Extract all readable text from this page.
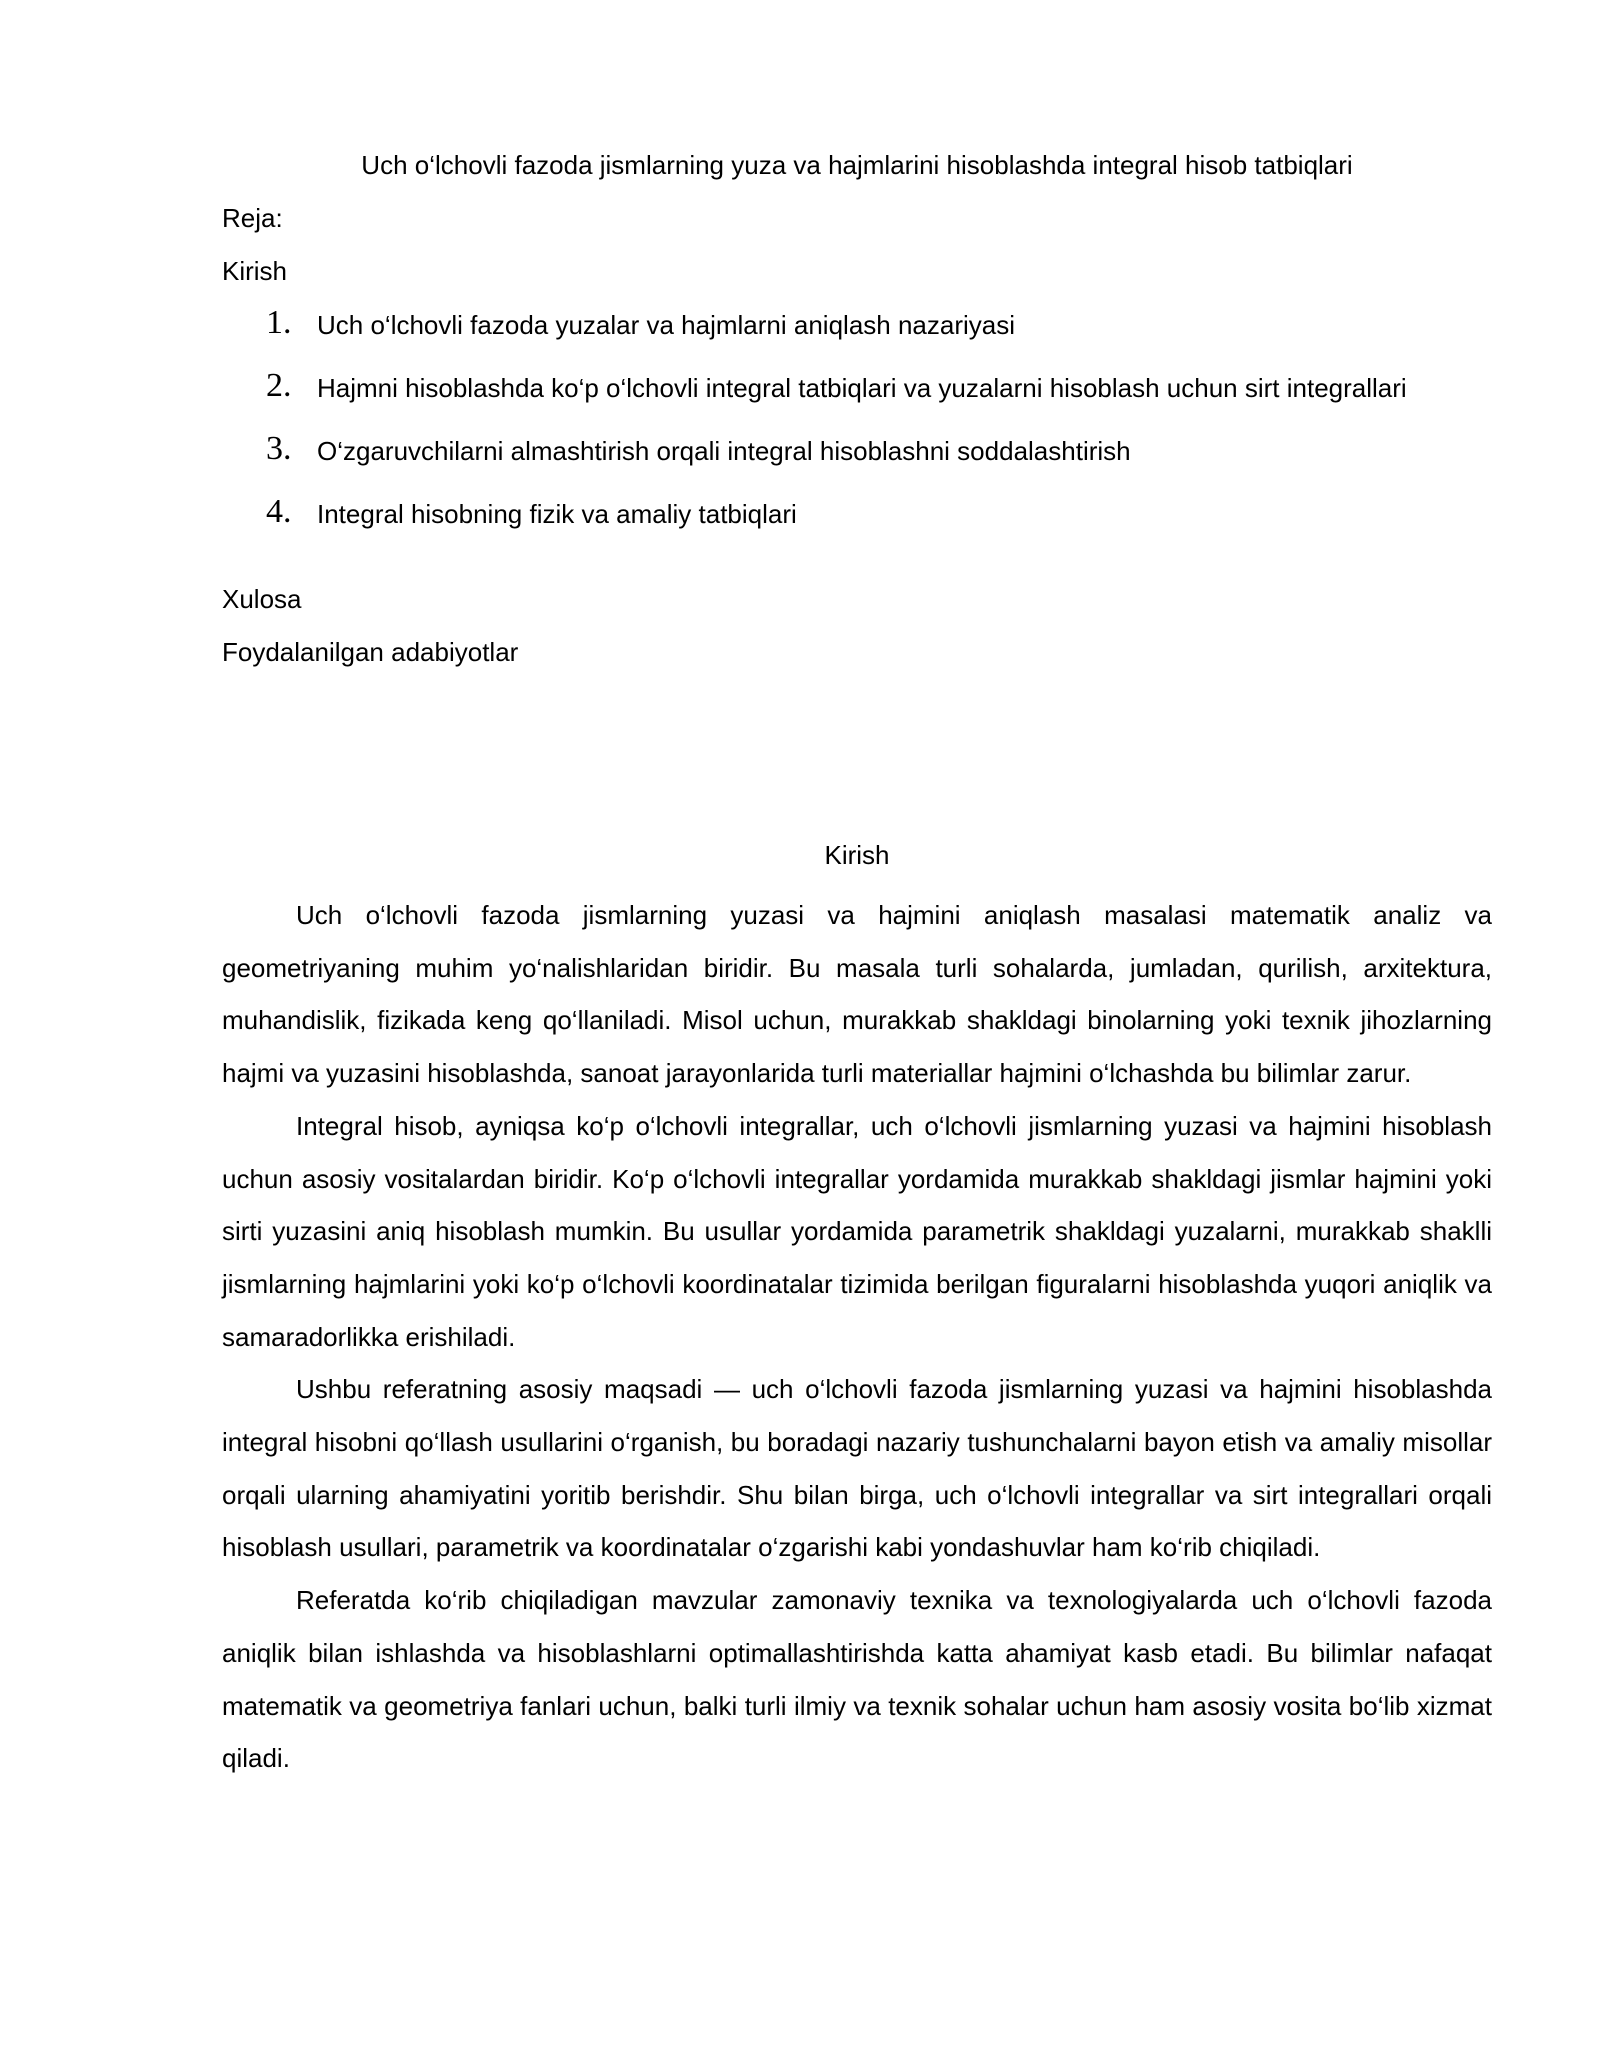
Uch o‘lchovli fazoda jismlarning yuza va hajmlarini hisoblashda integral hisob tatbiqlari
Reja:
Kirish
1. Uch o‘lchovli fazoda yuzalar va hajmlarni aniqlash nazariyasi
2. Hajmni hisoblashda ko‘p o‘lchovli integral tatbiqlari va yuzalarni hisoblash uchun sirt integrallari
3. O‘zgaruvchilarni almashtirish orqali integral hisoblashni soddalashtirish
4. Integral hisobning fizik va amaliy tatbiqlari
Xulosa
Foydalanilgan adabiyotlar
Kirish

Uch o‘lchovli fazoda jismlarning yuzasi va hajmini aniqlash masalasi matematik analiz va geometriyaning muhim yo‘nalishlaridan biridir. Bu masala turli sohalarda, jumladan, qurilish, arxitektura, muhandislik, fizikada keng qo‘llaniladi. Misol uchun, murakkab shakldagi binolarning yoki texnik jihozlarning hajmi va yuzasini hisoblashda, sanoat jarayonlarida turli materiallar hajmini o‘lchashda bu bilimlar zarur.

Integral hisob, ayniqsa ko‘p o‘lchovli integrallar, uch o‘lchovli jismlarning yuzasi va hajmini hisoblash uchun asosiy vositalardan biridir. Ko‘p o‘lchovli integrallar yordamida murakkab shakldagi jismlar hajmini yoki sirti yuzasini aniq hisoblash mumkin. Bu usullar yordamida parametrik shakldagi yuzalarni, murakkab shaklli jismlarning hajmlarini yoki ko‘p o‘lchovli koordinatalar tizimida berilgan figuralarni hisoblashda yuqori aniqlik va samaradorlikka erishiladi.

Ushbu referatning asosiy maqsadi — uch o‘lchovli fazoda jismlarning yuzasi va hajmini hisoblashda integral hisobni qo‘llash usullarini o‘rganish, bu boradagi nazariy tushunchalarni bayon etish va amaliy misollar orqali ularning ahamiyatini yoritib berishdir. Shu bilan birga, uch o‘lchovli integrallar va sirt integrallari orqali hisoblash usullari, parametrik va koordinatalar o‘zgarishi kabi yondashuvlar ham ko‘rib chiqiladi.

Referatda ko‘rib chiqiladigan mavzular zamonaviy texnika va texnologiyalarda uch o‘lchovli fazoda aniqlik bilan ishlashda va hisoblashlarni optimallashtirishda katta ahamiyat kasb etadi. Bu bilimlar nafaqat matematik va geometriya fanlari uchun, balki turli ilmiy va texnik sohalar uchun ham asosiy vosita bo‘lib xizmat qiladi.
